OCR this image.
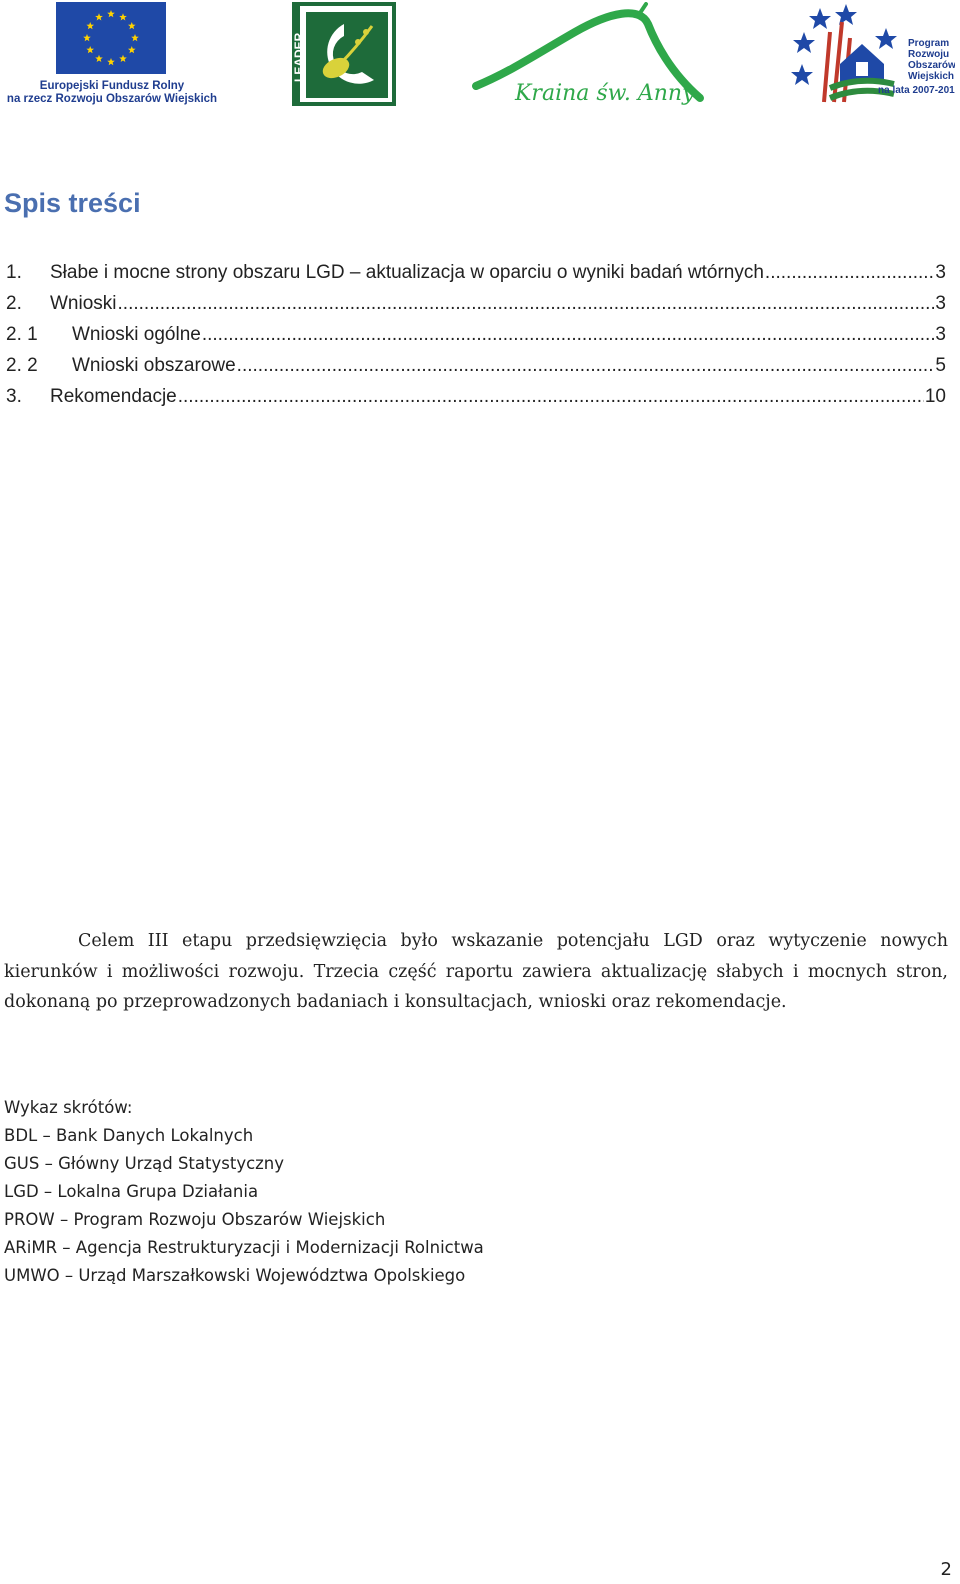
Europejski Fundusz Rolny
na rzecz Rozwoju Obszarów Wiejskich
LEADER
Kraina św. Anny
Program
Rozwoju
Obszarów
Wiejskich
na lata 2007-2013
Spis treści
1.	Słabe i mocne strony obszaru LGD – aktualizacja w oparciu o wyniki badań wtórnych .....	3
2.	Wnioski .....	3
2. 1	Wnioski ogólne .....	3
2. 2	Wnioski obszarowe .....	5
3.	Rekomendacje .....	10

Celem III etapu przedsięwzięcia było wskazanie potencjału LGD oraz wytyczenie nowych kierunków i możliwości rozwoju. Trzecia część raportu zawiera aktualizację słabych i mocnych stron, dokonaną po przeprowadzonych badaniach i konsultacjach, wnioski oraz rekomendacje.

Wykaz skrótów:
BDL – Bank Danych Lokalnych
GUS – Główny Urząd Statystyczny
LGD – Lokalna Grupa Działania
PROW – Program Rozwoju Obszarów Wiejskich
ARiMR – Agencja Restrukturyzacji i Modernizacji Rolnictwa
UMWO – Urząd Marszałkowski Województwa Opolskiego
2
